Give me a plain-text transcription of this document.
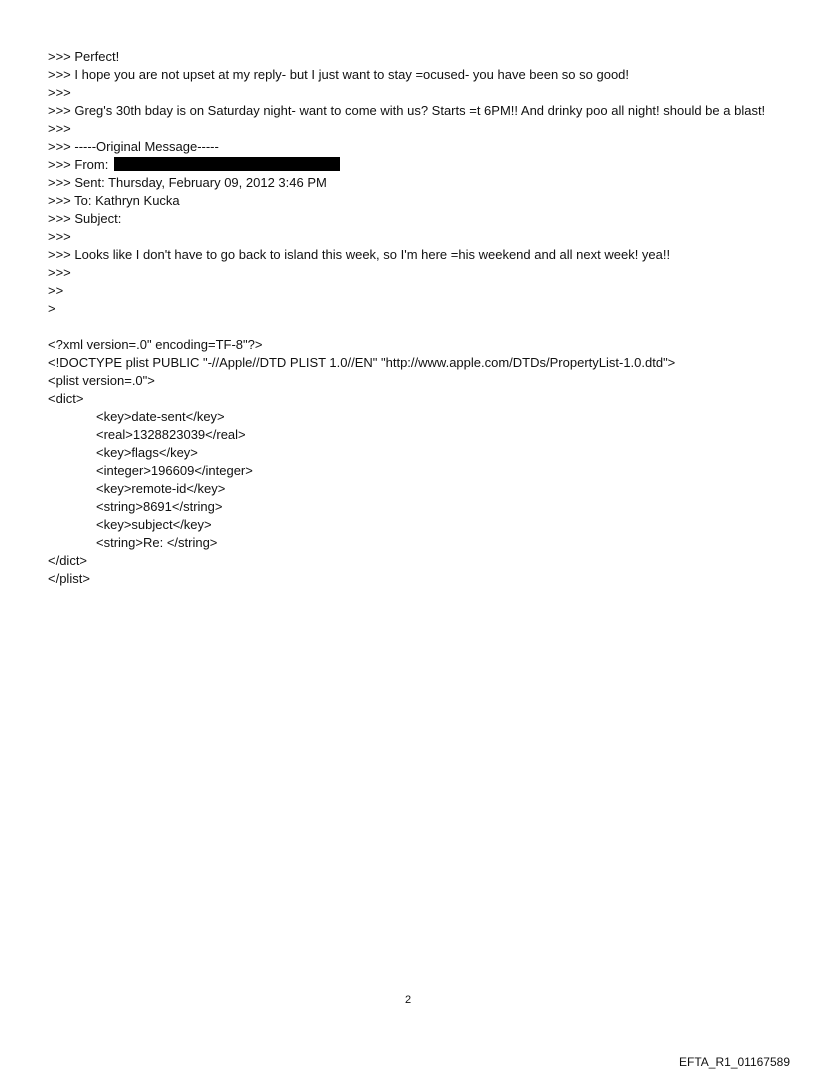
>>> Perfect!
>>> I hope you are not upset at my reply- but I just want to stay =ocused- you have been so so good!
>>>
>>> Greg's 30th bday is on Saturday night- want to come with us? Starts =t 6PM!! And drinky poo all night! should be a blast!
>>>
>>> -----Original Message-----
>>> From:
>>> Sent: Thursday, February 09, 2012 3:46 PM
>>> To: Kathryn Kucka
>>> Subject:
>>>
>>> Looks like I don't have to go back to island this week, so I'm here =his weekend and all next week! yea!!
>>>
>>
>
<?xml version=.0" encoding=TF-8"?>
<!DOCTYPE plist PUBLIC "-//Apple//DTD PLIST 1.0//EN" "http://www.apple.com/DTDs/PropertyList-1.0.dtd">
<plist version=.0">
<dict>
<key>date-sent</key>
<real>1328823039</real>
<key>flags</key>
<integer>196609</integer>
<key>remote-id</key>
<string>8691</string>
<key>subject</key>
<string>Re: </string>
</dict>
</plist>
2
EFTA_R1_01167589
